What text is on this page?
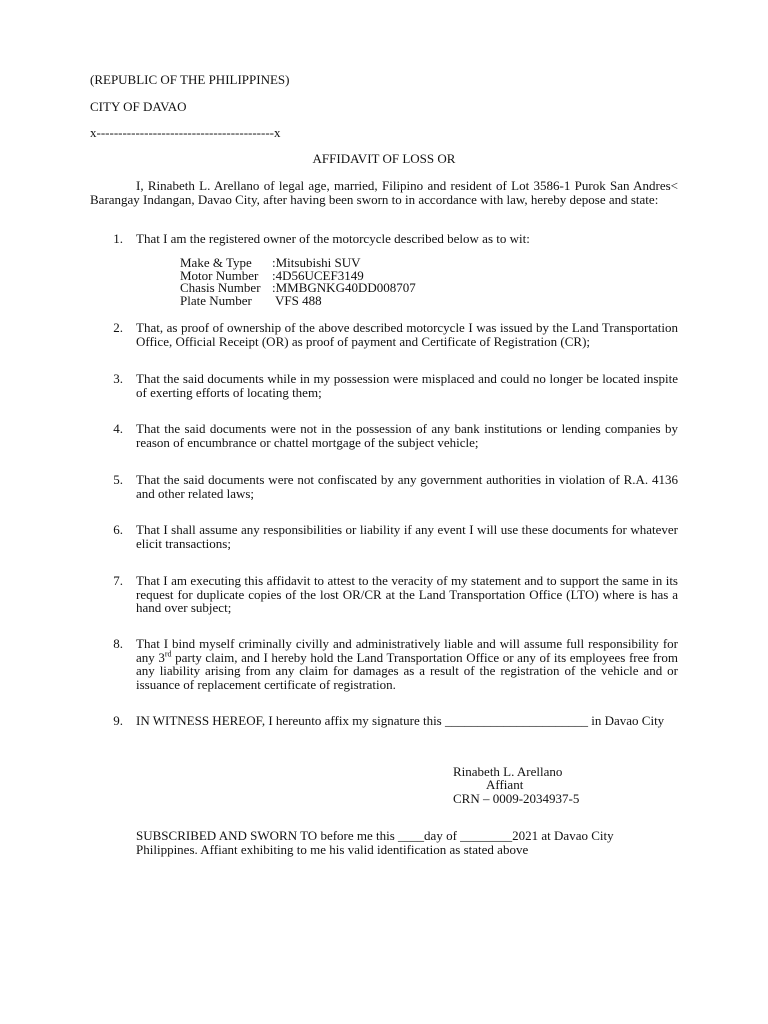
(REPUBLIC OF THE PHILIPPINES)
CITY OF DAVAO
x-----------------------------------------x
AFFIDAVIT OF LOSS OR
I, Rinabeth L. Arellano of legal age, married, Filipino and resident of Lot 3586-1 Purok San Andres< Barangay Indangan, Davao City, after having been sworn to in accordance with law, hereby depose and state:
1. That I am the registered owner of the motorcycle described below as to wit:
Make & Type	:Mitsubishi SUV
Motor Number	:4D56UCEF3149
Chasis Number	:MMBGNKG40DD008707
Plate Number	VFS 488
2. That, as proof of ownership of the above described motorcycle I was issued by the Land Transportation Office, Official Receipt (OR) as proof of payment and Certificate of Registration (CR);
3. That the said documents while in my possession were misplaced and could no longer be located inspite of exerting efforts of locating them;
4. That the said documents were not in the possession of any bank institutions or lending companies by reason of encumbrance or chattel mortgage of the subject vehicle;
5. That the said documents were not confiscated by any government authorities in violation of R.A. 4136 and other related laws;
6. That I shall assume any responsibilities or liability if any event I will use these documents for whatever elicit transactions;
7. That I am executing this affidavit to attest to the veracity of my statement and to support the same in its request for duplicate copies of the lost OR/CR at the Land Transportation Office (LTO) where is has a hand over subject;
8. That I bind myself criminally civilly and administratively liable and will assume full responsibility for any 3rd party claim, and I hereby hold the Land Transportation Office or any of its employees free from any liability arising from any claim for damages as a result of the registration of the vehicle and or issuance of replacement certificate of registration.
9. IN WITNESS HEREOF, I hereunto affix my signature this ______________________ in Davao City
Rinabeth L. Arellano
Affiant
CRN – 0009-2034937-5
SUBSCRIBED AND SWORN TO before me this ____day of ________2021 at Davao City
Philippines. Affiant exhibiting to me his valid identification as stated above
